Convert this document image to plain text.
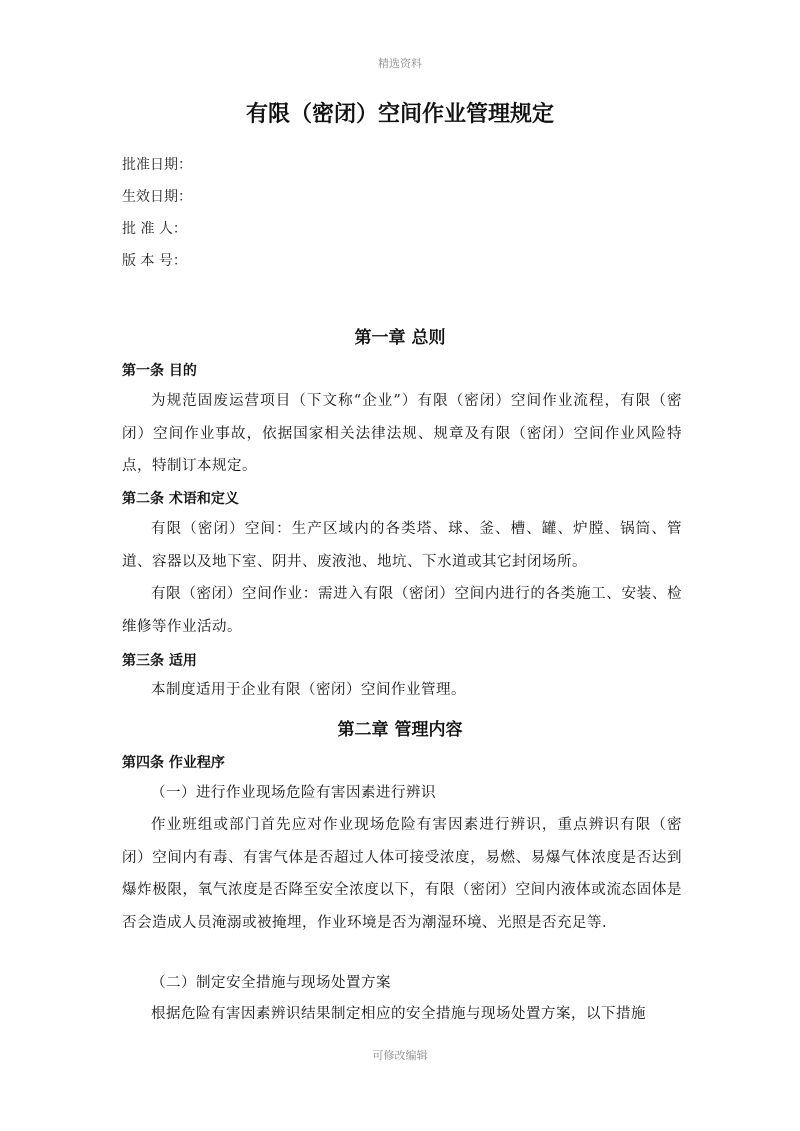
精选资料
有限（密闭）空间作业管理规定
批准日期：
生效日期：
批 准 人：
版 本 号：
第一章 总则
第一条 目的
为规范固废运营项目（下文称“企业”）有限（密闭）空间作业流程，有限（密闭）空间作业事故，依据国家相关法律法规、规章及有限（密闭）空间作业风险特点，特制订本规定。
第二条 术语和定义
有限（密闭）空间：生产区域内的各类塔、球、釜、槽、罐、炉膛、锅筒、管道、容器以及地下室、阴井、废液池、地坑、下水道或其它封闭场所。
有限（密闭）空间作业：需进入有限（密闭）空间内进行的各类施工、安装、检维修等作业活动。
第三条 适用
本制度适用于企业有限（密闭）空间作业管理。
第二章 管理内容
第四条 作业程序
（一）进行作业现场危险有害因素进行辨识
作业班组或部门首先应对作业现场危险有害因素进行辨识，重点辨识有限（密闭）空间内有毒、有害气体是否超过人体可接受浓度，易燃、易爆气体浓度是否达到爆炸极限，氧气浓度是否降至安全浓度以下，有限（密闭）空间内液体或流态固体是否会造成人员淹溺或被掩埋，作业环境是否为潮湿环境、光照是否充足等.
（二）制定安全措施与现场处置方案
根据危险有害因素辨识结果制定相应的安全措施与现场处置方案，以下措施
可修改编辑
